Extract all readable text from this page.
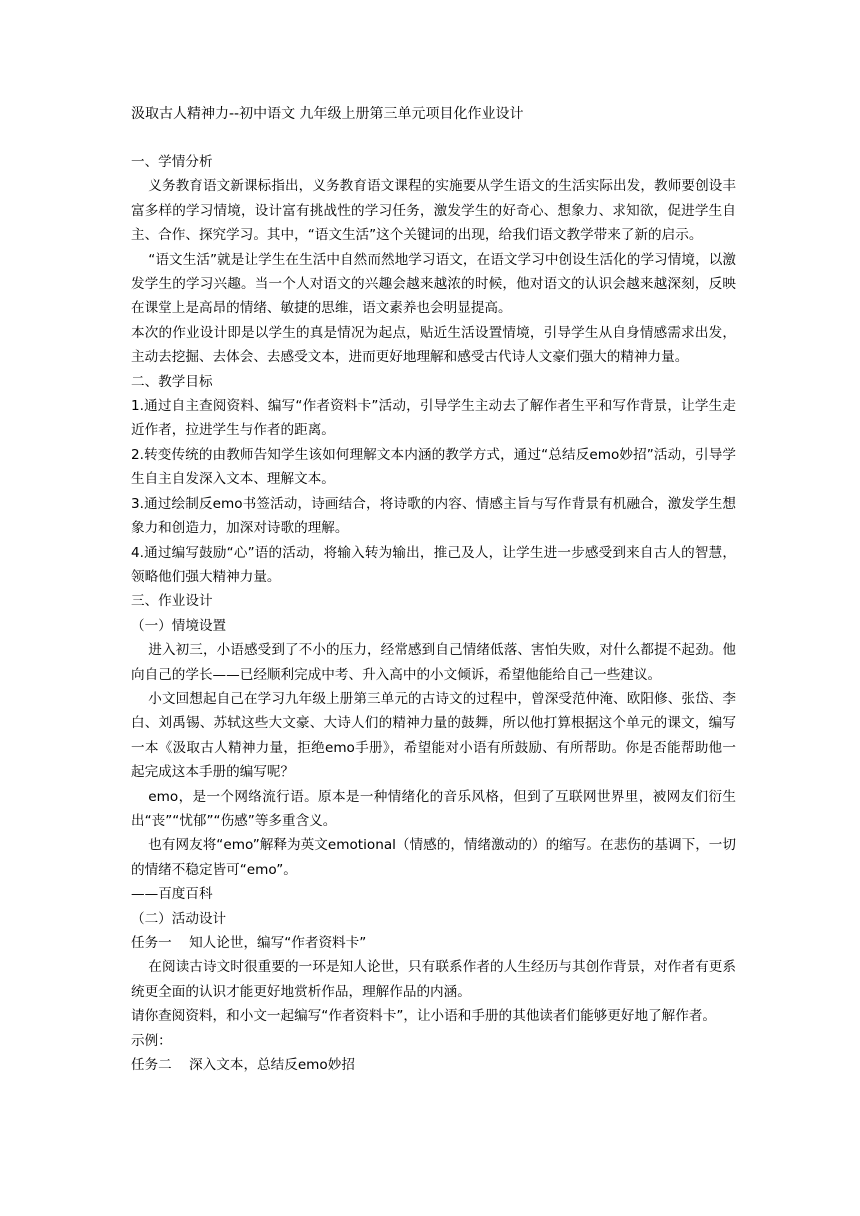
汲取古人精神力--初中语文 九年级上册第三单元项目化作业设计

一、学情分析

义务教育语文新课标指出，义务教育语文课程的实施要从学生语文的生活实际出发，教师要创设丰富多样的学习情境，设计富有挑战性的学习任务，激发学生的好奇心、想象力、求知欲，促进学生自主、合作、探究学习。其中，“语文生活”这个关键词的出现，给我们语文教学带来了新的启示。

“语文生活”就是让学生在生活中自然而然地学习语文，在语文学习中创设生活化的学习情境，以激发学生的学习兴趣。当一个人对语文的兴趣会越来越浓的时候，他对语文的认识会越来越深刻，反映在课堂上是高昂的情绪、敏捷的思维，语文素养也会明显提高。

本次的作业设计即是以学生的真是情况为起点，贴近生活设置情境，引导学生从自身情感需求出发，主动去挖掘、去体会、去感受文本，进而更好地理解和感受古代诗人文豪们强大的精神力量。

二、教学目标

1.通过自主查阅资料、编写“作者资料卡”活动，引导学生主动去了解作者生平和写作背景，让学生走近作者，拉进学生与作者的距离。

2.转变传统的由教师告知学生该如何理解文本内涵的教学方式，通过“总结反emo妙招”活动，引导学生自主自发深入文本、理解文本。

3.通过绘制反emo书签活动，诗画结合，将诗歌的内容、情感主旨与写作背景有机融合，激发学生想象力和创造力，加深对诗歌的理解。

4.通过编写鼓励“心”语的活动，将输入转为输出，推己及人，让学生进一步感受到来自古人的智慧，领略他们强大精神力量。

三、作业设计

（一）情境设置

进入初三，小语感受到了不小的压力，经常感到自己情绪低落、害怕失败，对什么都提不起劲。他向自己的学长——已经顺利完成中考、升入高中的小文倾诉，希望他能给自己一些建议。

小文回想起自己在学习九年级上册第三单元的古诗文的过程中，曾深受范仲淹、欧阳修、张岱、李白、刘禹锡、苏轼这些大文豪、大诗人们的精神力量的鼓舞，所以他打算根据这个单元的课文，编写一本《汲取古人精神力量，拒绝emo手册》，希望能对小语有所鼓励、有所帮助。你是否能帮助他一起完成这本手册的编写呢？

emo，是一个网络流行语。原本是一种情绪化的音乐风格，但到了互联网世界里，被网友们衍生出“丧”“忧郁”“伤感”等多重含义。

也有网友将“emo”解释为英文emotional（情感的，情绪激动的）的缩写。在悲伤的基调下，一切的情绪不稳定皆可“emo”。

——百度百科

（二）活动设计

任务一    知人论世，编写“作者资料卡”

在阅读古诗文时很重要的一环是知人论世，只有联系作者的人生经历与其创作背景，对作者有更系统更全面的认识才能更好地赏析作品，理解作品的内涵。

请你查阅资料，和小文一起编写“作者资料卡”，让小语和手册的其他读者们能够更好地了解作者。

示例：

任务二    深入文本，总结反emo妙招
